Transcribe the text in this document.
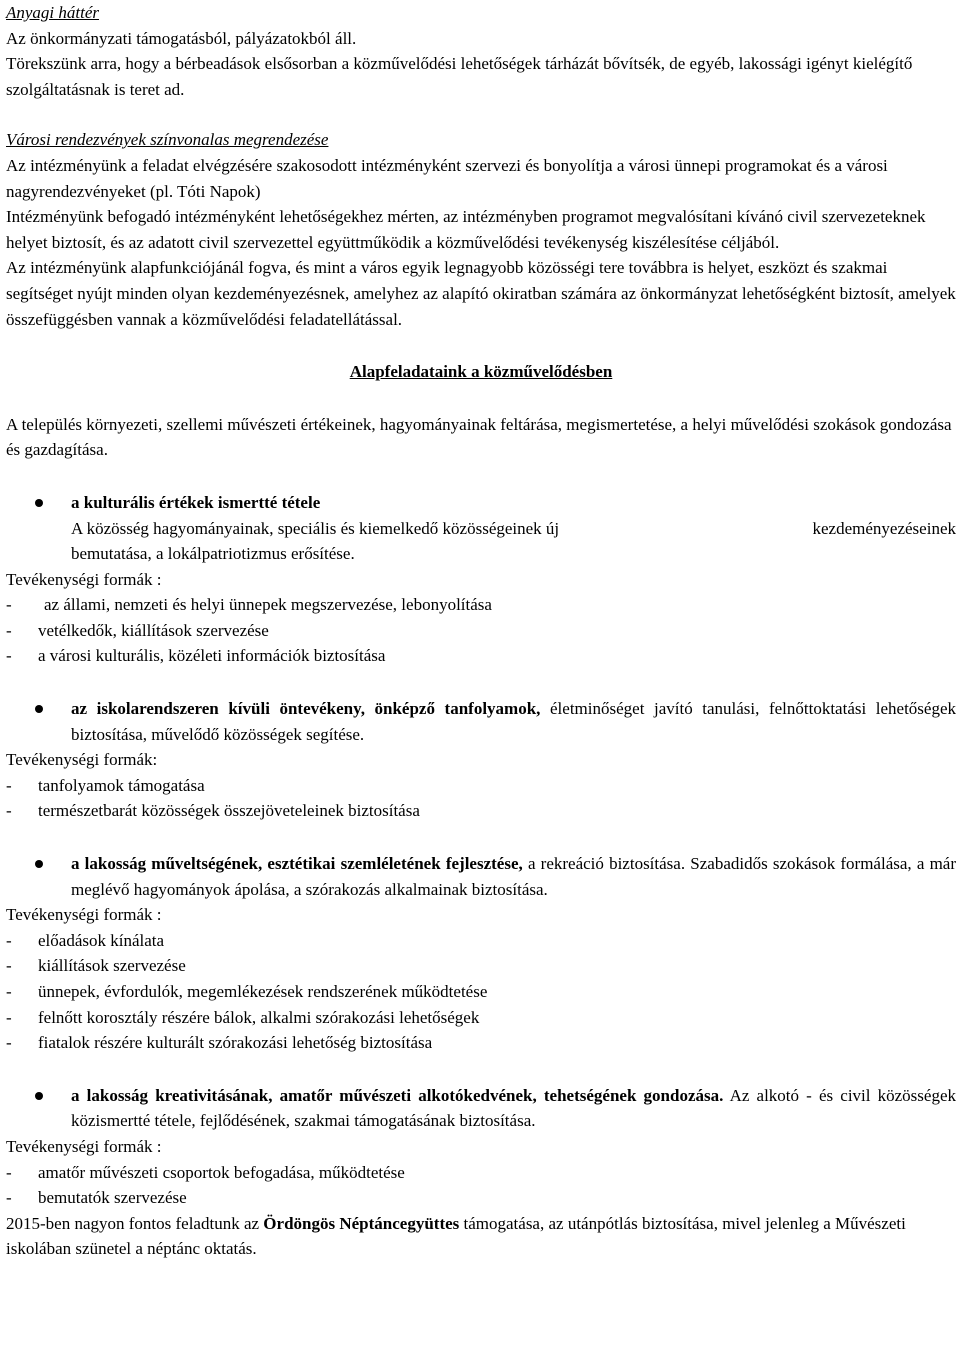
Anyagi háttér

Az önkormányzati támogatásból, pályázatokból áll.

Törekszünk arra, hogy a bérbeadások elsősorban a közművelődési lehetőségek tárházát bővítsék, de egyéb, lakossági igényt kielégítő szolgáltatásnak is teret ad.

Városi rendezvények színvonalas megrendezése

Az intézményünk a feladat elvégzésére szakosodott intézményként szervezi és bonyolítja a városi ünnepi programokat és a városi nagyrendezvényeket (pl. Tóti Napok)

Intézményünk befogadó intézményként lehetőségekhez mérten, az intézményben programot megvalósítani kívánó civil szervezeteknek helyet biztosít, és az adatott civil szervezettel együttműködik a közművelődési tevékenység kiszélesítése céljából.

Az intézményünk alapfunkciójánál fogva, és mint a város egyik legnagyobb közösségi tere továbbra is helyet, eszközt és szakmai segítséget nyújt minden olyan kezdeményezésnek, amelyhez az alapító okiratban számára az önkormányzat lehetőségként biztosít, amelyek összefüggésben vannak a közművelődési feladatellátással.

Alapfeladataink a közművelődésben

A település környezeti, szellemi művészeti értékeinek, hagyományainak feltárása, megismertetése, a helyi művelődési szokások gondozása és gazdagítása.

a kulturális értékek ismertté tétele

A közösség hagyományainak, speciális és kiemelkedő közösségeinek új	kezdeményezéseinek

bemutatása, a lokálpatriotizmus erősítése.

Tevékenységi formák :

-	az állami, nemzeti és helyi ünnepek megszervezése, lebonyolítása
-	vetélkedők, kiállítások szervezése
-	a városi kulturális, közéleti információk biztosítása

az iskolarendszeren kívüli öntevékeny, önképző tanfolyamok, életminőséget javító tanulási, felnőttoktatási lehetőségek biztosítása, művelődő közösségek segítése.

Tevékenységi formák:

-	tanfolyamok támogatása
-	természetbarát közösségek összejöveteleinek biztosítása

a lakosság műveltségének, esztétikai szemléletének fejlesztése, a rekreáció biztosítása. Szabadidős szokások formálása, a már meglévő hagyományok ápolása, a szórakozás alkalmainak biztosítása.

Tevékenységi formák :

-	előadások kínálata
-	kiállítások szervezése
-	ünnepek, évfordulók, megemlékezések rendszerének működtetése
-	felnőtt korosztály részére bálok, alkalmi szórakozási lehetőségek
-	fiatalok részére kulturált szórakozási lehetőség biztosítása

a lakosság kreativitásának, amatőr művészeti alkotókedvének, tehetségének gondozása. Az alkotó - és civil közösségek közismertté tétele, fejlődésének, szakmai támogatásának biztosítása.

Tevékenységi formák :

-	amatőr művészeti csoportok befogadása, működtetése
-	bemutatók szervezése

2015-ben nagyon fontos feladtunk az Ördöngös Néptáncegyüttes támogatása, az utánpótlás biztosítása, mivel jelenleg a Művészeti iskolában szünetel a néptánc oktatás.
